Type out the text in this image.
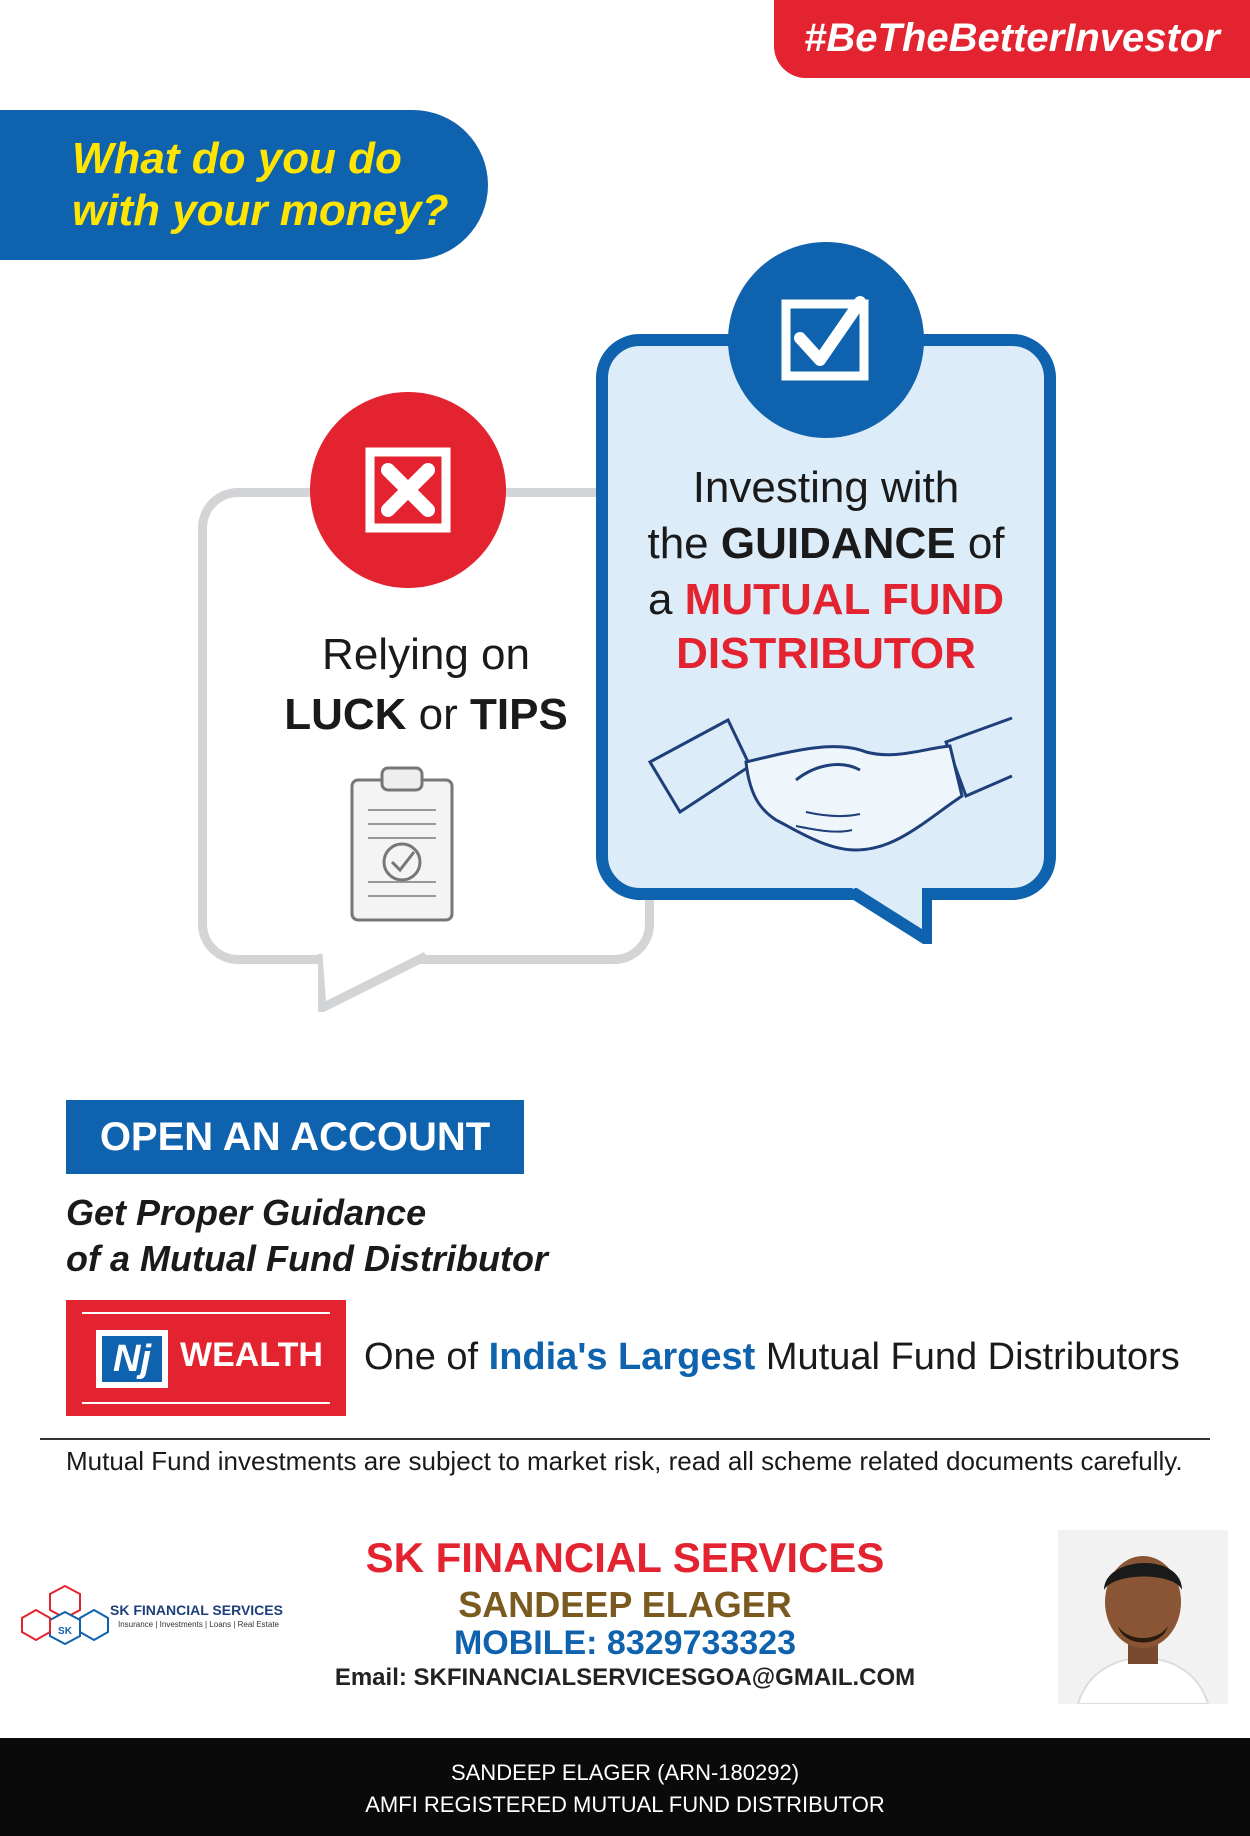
#BeTheBetterInvestor
What do you do
with your money?
Relying on
LUCK or TIPS
Investing with
the GUIDANCE of
a MUTUAL FUND
DISTRIBUTOR
OPEN AN ACCOUNT
Get Proper Guidance
of a Mutual Fund Distributor
Nj WEALTH One of India's Largest Mutual Fund Distributors
Mutual Fund investments are subject to market risk, read all scheme related documents carefully.
SK
SK FINANCIAL SERVICES
Insurance | Investments | Loans | Real Estate
SK FINANCIAL SERVICES
SANDEEP ELAGER
MOBILE: 8329733323
Email: SKFINANCIALSERVICESGOA@GMAIL.COM
SANDEEP ELAGER (ARN-180292)
AMFI REGISTERED MUTUAL FUND DISTRIBUTOR
